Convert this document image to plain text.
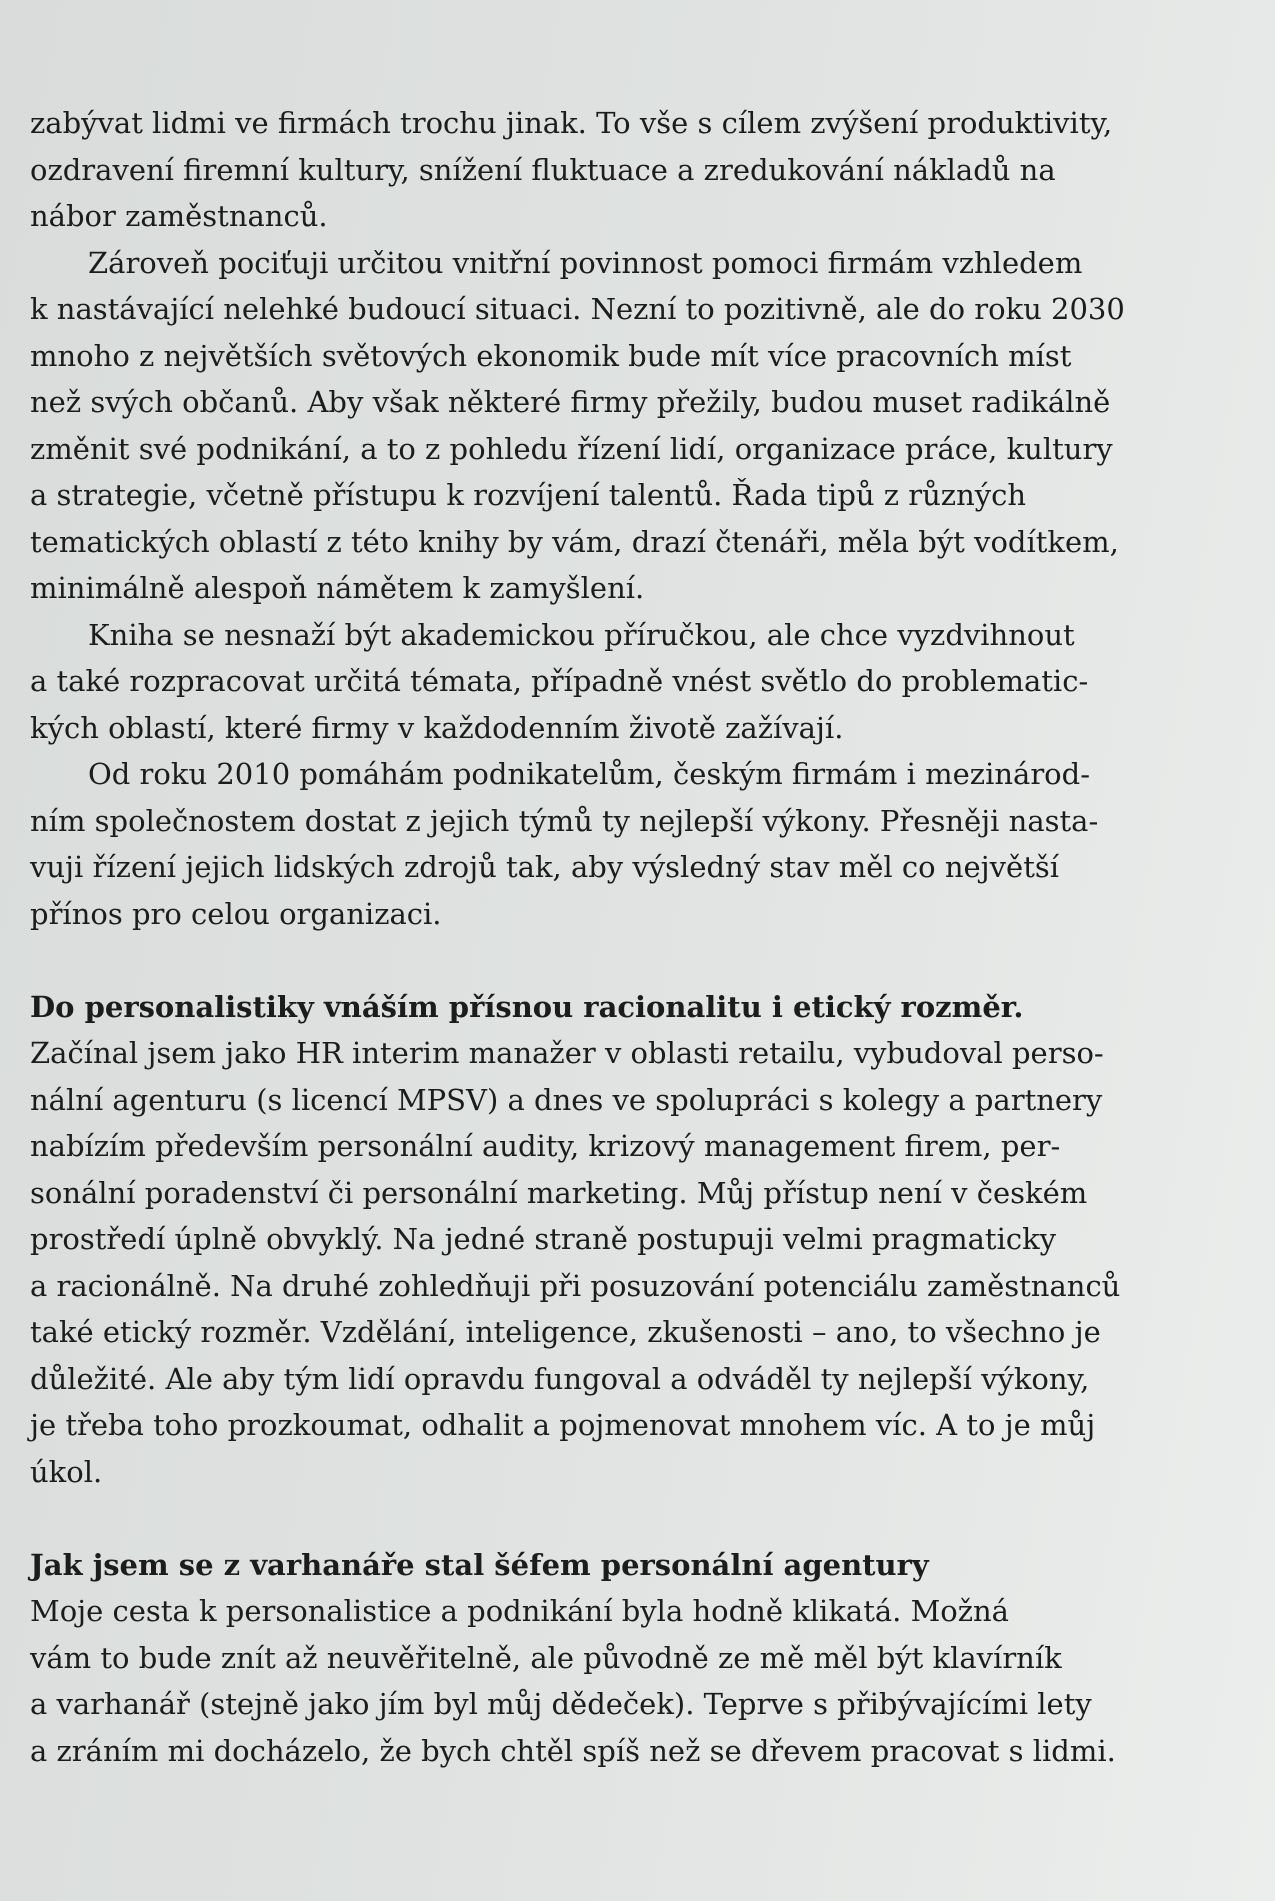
zabývat lidmi ve firmách trochu jinak. To vše s cílem zvýšení produktivity,
ozdravení firemní kultury, snížení fluktuace a zredukování nákladů na
nábor zaměstnanců.
Zároveň pociťuji určitou vnitřní povinnost pomoci firmám vzhledem
k nastávající nelehké budoucí situaci. Nezní to pozitivně, ale do roku 2030
mnoho z největších světových ekonomik bude mít více pracovních míst
než svých občanů. Aby však některé firmy přežily, budou muset radikálně
změnit své podnikání, a to z pohledu řízení lidí, organizace práce, kultury
a strategie, včetně přístupu k rozvíjení talentů. Řada tipů z různých
tematických oblastí z této knihy by vám, drazí čtenáři, měla být vodítkem,
minimálně alespoň námětem k zamyšlení.
Kniha se nesnaží být akademickou příručkou, ale chce vyzdvihnout
a také rozpracovat určitá témata, případně vnést světlo do problematic-
kých oblastí, které firmy v každodenním životě zažívají.
Od roku 2010 pomáhám podnikatelům, českým firmám i mezinárod-
ním společnostem dostat z jejich týmů ty nejlepší výkony. Přesněji nasta-
vuji řízení jejich lidských zdrojů tak, aby výsledný stav měl co největší
přínos pro celou organizaci.
Do personalistiky vnáším přísnou racionalitu i etický rozměr.
Začínal jsem jako HR interim manažer v oblasti retailu, vybudoval perso-
nální agenturu (s licencí MPSV) a dnes ve spolupráci s kolegy a partnery
nabízím především personální audity, krizový management firem, per-
sonální poradenství či personální marketing. Můj přístup není v českém
prostředí úplně obvyklý. Na jedné straně postupuji velmi pragmaticky
a racionálně. Na druhé zohledňuji při posuzování potenciálu zaměstnanců
také etický rozměr. Vzdělání, inteligence, zkušenosti – ano, to všechno je
důležité. Ale aby tým lidí opravdu fungoval a odváděl ty nejlepší výkony,
je třeba toho prozkoumat, odhalit a pojmenovat mnohem víc. A to je můj
úkol.
Jak jsem se z varhanáře stal šéfem personální agentury
Moje cesta k personalistice a podnikání byla hodně klikatá. Možná
vám to bude znít až neuvěřitelně, ale původně ze mě měl být klavírník
a varhanář (stejně jako jím byl můj dědeček). Teprve s přibývajícími lety
a zráním mi docházelo, že bych chtěl spíš než se dřevem pracovat s lidmi.
